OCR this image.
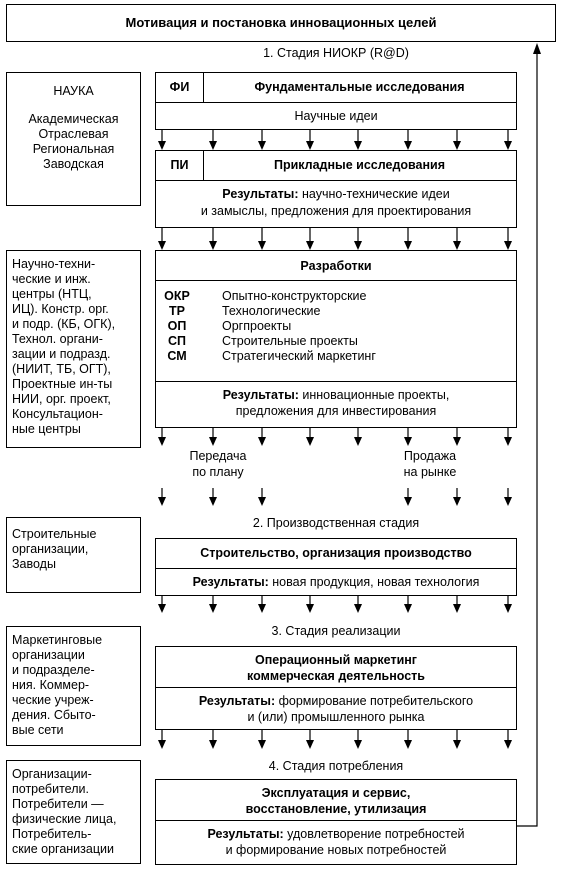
Мотивация и постановка инновационных целей
1. Стадия НИОКР (R@D)
НАУКА
Академическая
Отраслевая
Региональная
Заводская
ФИ	Фундаментальные исследования
Научные идеи
ПИ	Прикладные исследования
Результаты: научно-технические идеи
и замыслы, предложения для проектирования
Научно-техни-
ческие и инж.
центры (НТЦ,
ИЦ). Констр. орг.
и подр. (КБ, ОГК),
Технол. органи-
зации и подразд.
(НИИТ, ТБ, ОГТ),
Проектные ин-ты
НИИ, орг. проект,
Консультацион-
ные центры
Разработки
ОКР	Опытно-конструкторские
ТР	Технологические
ОП	Оргпроекты
СП	Строительные проекты
СМ	Стратегический маркетинг
Результаты: инновационные проекты,
предложения для инвестирования
Передача
по плану
Продажа
на рынке
2. Производственная стадия
Строительные
организации,
Заводы
Строительство, организация производство
Результаты: новая продукция, новая технология
3. Стадия реализации
Маркетинговые
организации
и подразделе-
ния. Коммер-
ческие учреж-
дения. Сбыто-
вые сети
Операционный маркетинг
коммерческая деятельность
Результаты: формирование потребительского
и (или) промышленного рынка
4. Стадия потребления
Организации-
потребители.
Потребители —
физические лица,
Потребитель-
ские организации
Эксплуатация и сервис,
восстановление, утилизация
Результаты: удовлетворение потребностей
и формирование новых потребностей
